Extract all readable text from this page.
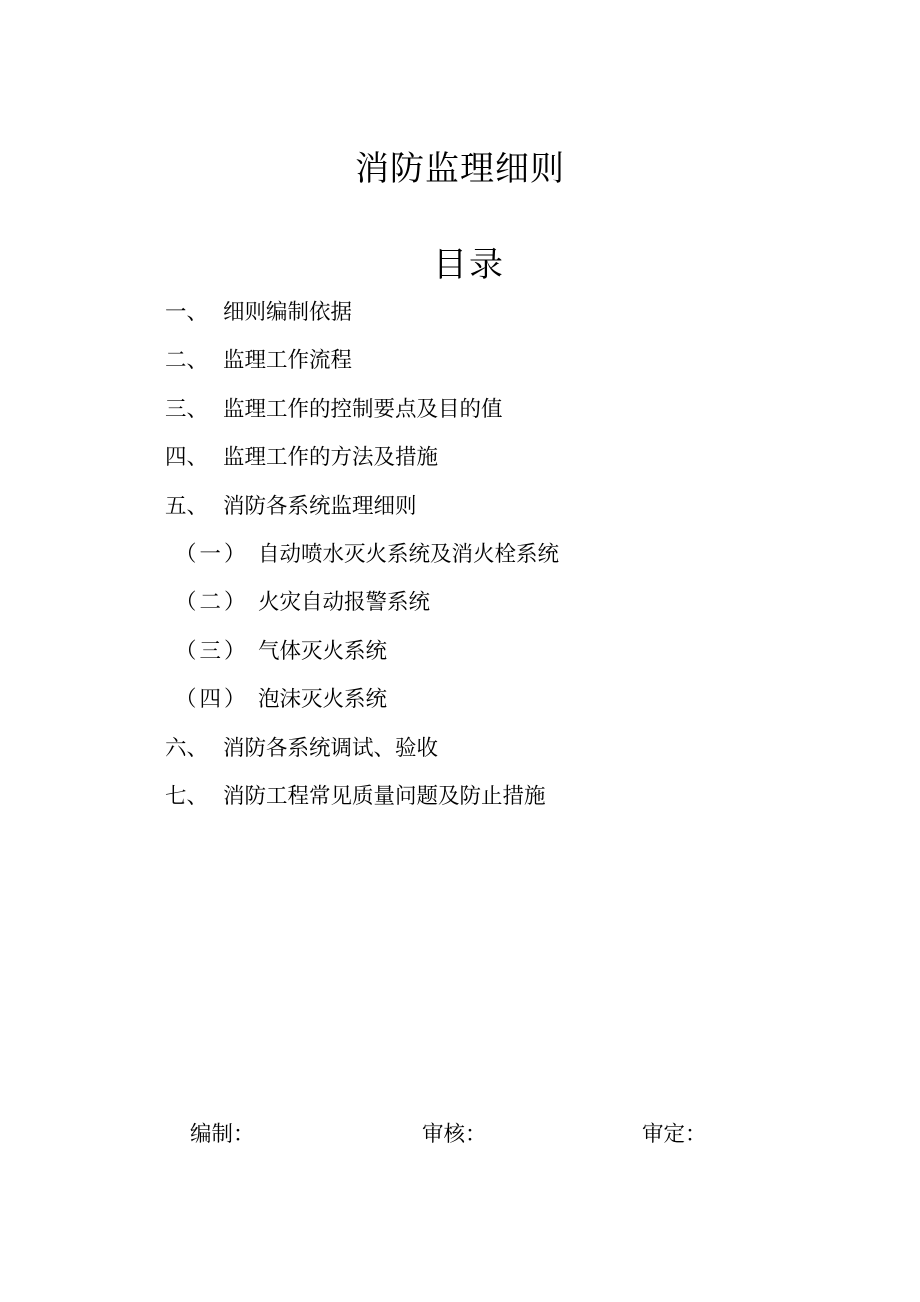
消防监理细则
目录
一、 细则编制依据
二、 监理工作流程
三、 监理工作的控制要点及目的值
四、 监理工作的方法及措施
五、 消防各系统监理细则
（一） 自动喷水灭火系统及消火栓系统
（二） 火灾自动报警系统
（三） 气体灭火系统
（四） 泡沫灭火系统
六、 消防各系统调试、验收
七、 消防工程常见质量问题及防止措施
编制：	审核：	审定：
